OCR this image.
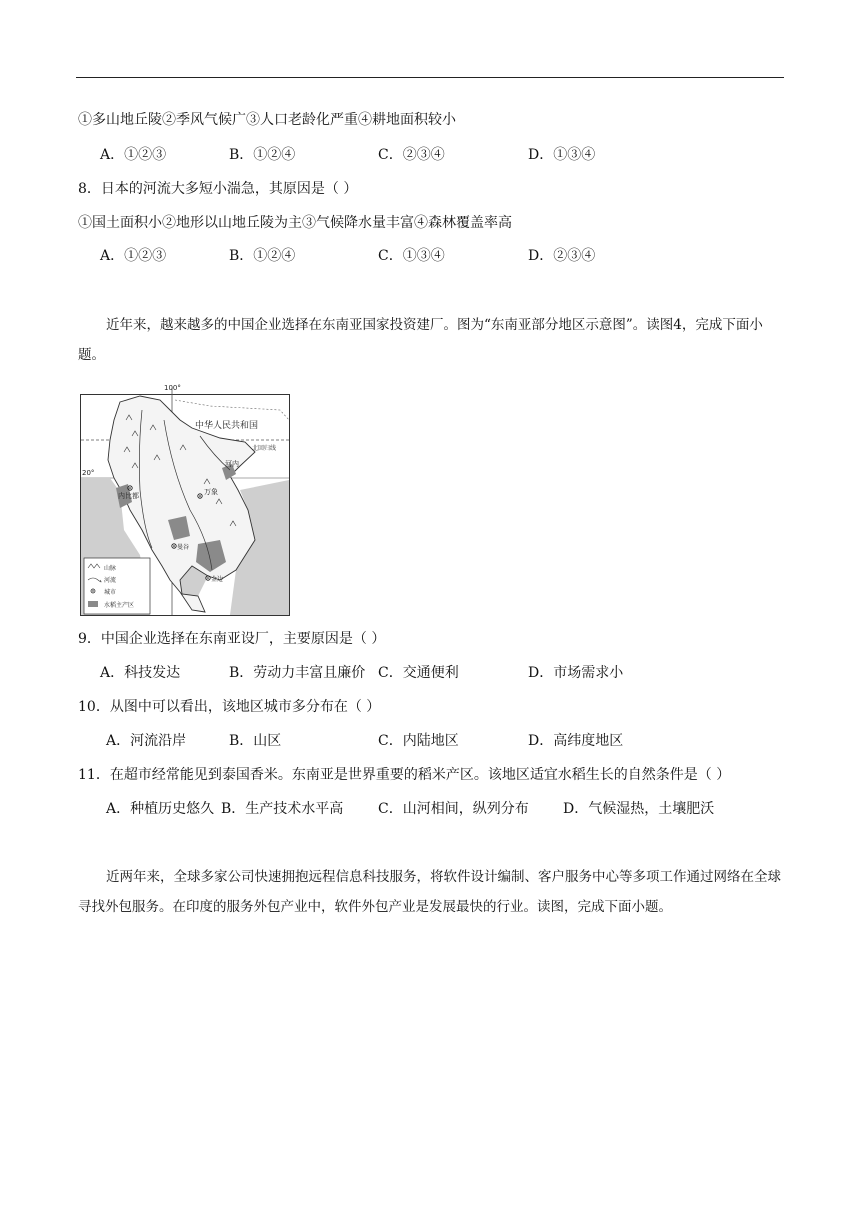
①多山地丘陵②季风气候广③人口老龄化严重④耕地面积较小
A．①②③	B．①②④	C．②③④	D．①③④
8．日本的河流大多短小湍急，其原因是（ ）
①国土面积小②地形以山地丘陵为主③气候降水量丰富④森林覆盖率高
A．①②③	B．①②④	C．①③④	D．②③④
近年来，越来越多的中国企业选择在东南亚国家投资建厂。图为“东南亚部分地区示意图”。读图4，完成下面小题。
100°
20°
中华人民共和国
北回归线
河内
万象
内比都
曼谷
金边
山脉
河流
城市
水稻主产区
9．中国企业选择在东南亚设厂，主要原因是（ ）
A．科技发达	B．劳动力丰富且廉价 C．交通便利	D．市场需求小
10．从图中可以看出，该地区城市多分布在（ ）
A．河流沿岸	B．山区	C．内陆地区	D．高纬度地区
11．在超市经常能见到泰国香米。东南亚是世界重要的稻米产区。该地区适宜水稻生长的自然条件是（ ）
A．种植历史悠久 B．生产技术水平高 C．山河相间，纵列分布 D．气候湿热，土壤肥沃
近两年来，全球多家公司快速拥抱远程信息科技服务，将软件设计编制、客户服务中心等多项工作通过网络在全球寻找外包服务。在印度的服务外包产业中，软件外包产业是发展最快的行业。读图，完成下面小题。
